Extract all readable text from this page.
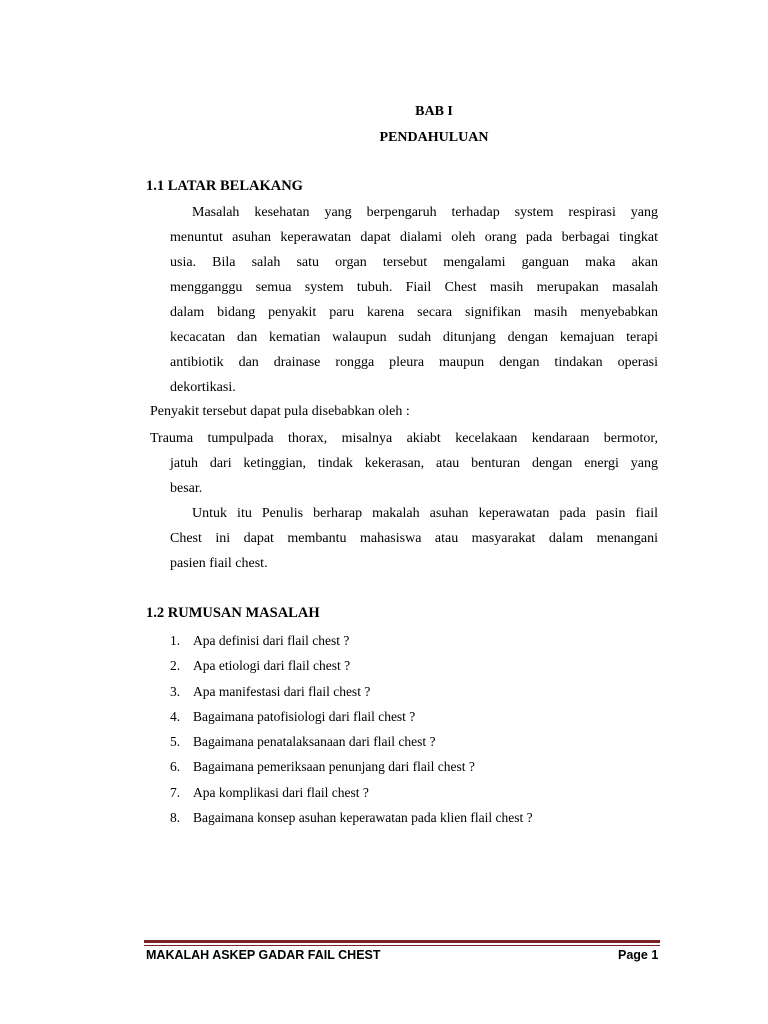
BAB I
PENDAHULUAN
1.1 LATAR BELAKANG
Masalah kesehatan yang berpengaruh terhadap system respirasi yang
menuntut asuhan keperawatan dapat dialami oleh orang pada berbagai tingkat
usia. Bila salah satu organ tersebut mengalami ganguan maka akan
mengganggu semua system tubuh. Fiail Chest masih merupakan masalah
dalam bidang penyakit paru karena secara signifikan masih menyebabkan
kecacatan dan kematian walaupun sudah ditunjang dengan kemajuan terapi
antibiotik dan drainase rongga pleura maupun dengan tindakan operasi
dekortikasi.
Penyakit tersebut dapat pula disebabkan oleh :
Trauma tumpulpada thorax, misalnya akiabt kecelakaan kendaraan bermotor,
jatuh dari ketinggian, tindak kekerasan, atau benturan dengan energi yang
besar.
Untuk itu Penulis berharap makalah asuhan keperawatan pada pasin fiail
Chest ini dapat membantu mahasiswa atau masyarakat dalam menangani
pasien fiail chest.
1.2 RUMUSAN MASALAH
1. Apa definisi dari flail chest ?
2. Apa etiologi dari flail chest ?
3. Apa manifestasi dari flail chest ?
4. Bagaimana patofisiologi dari flail chest ?
5. Bagaimana penatalaksanaan dari flail chest ?
6. Bagaimana pemeriksaan penunjang dari flail chest ?
7. Apa komplikasi dari flail chest ?
8. Bagaimana konsep asuhan keperawatan pada klien flail chest ?
MAKALAH ASKEP GADAR FAIL CHEST	Page 1
